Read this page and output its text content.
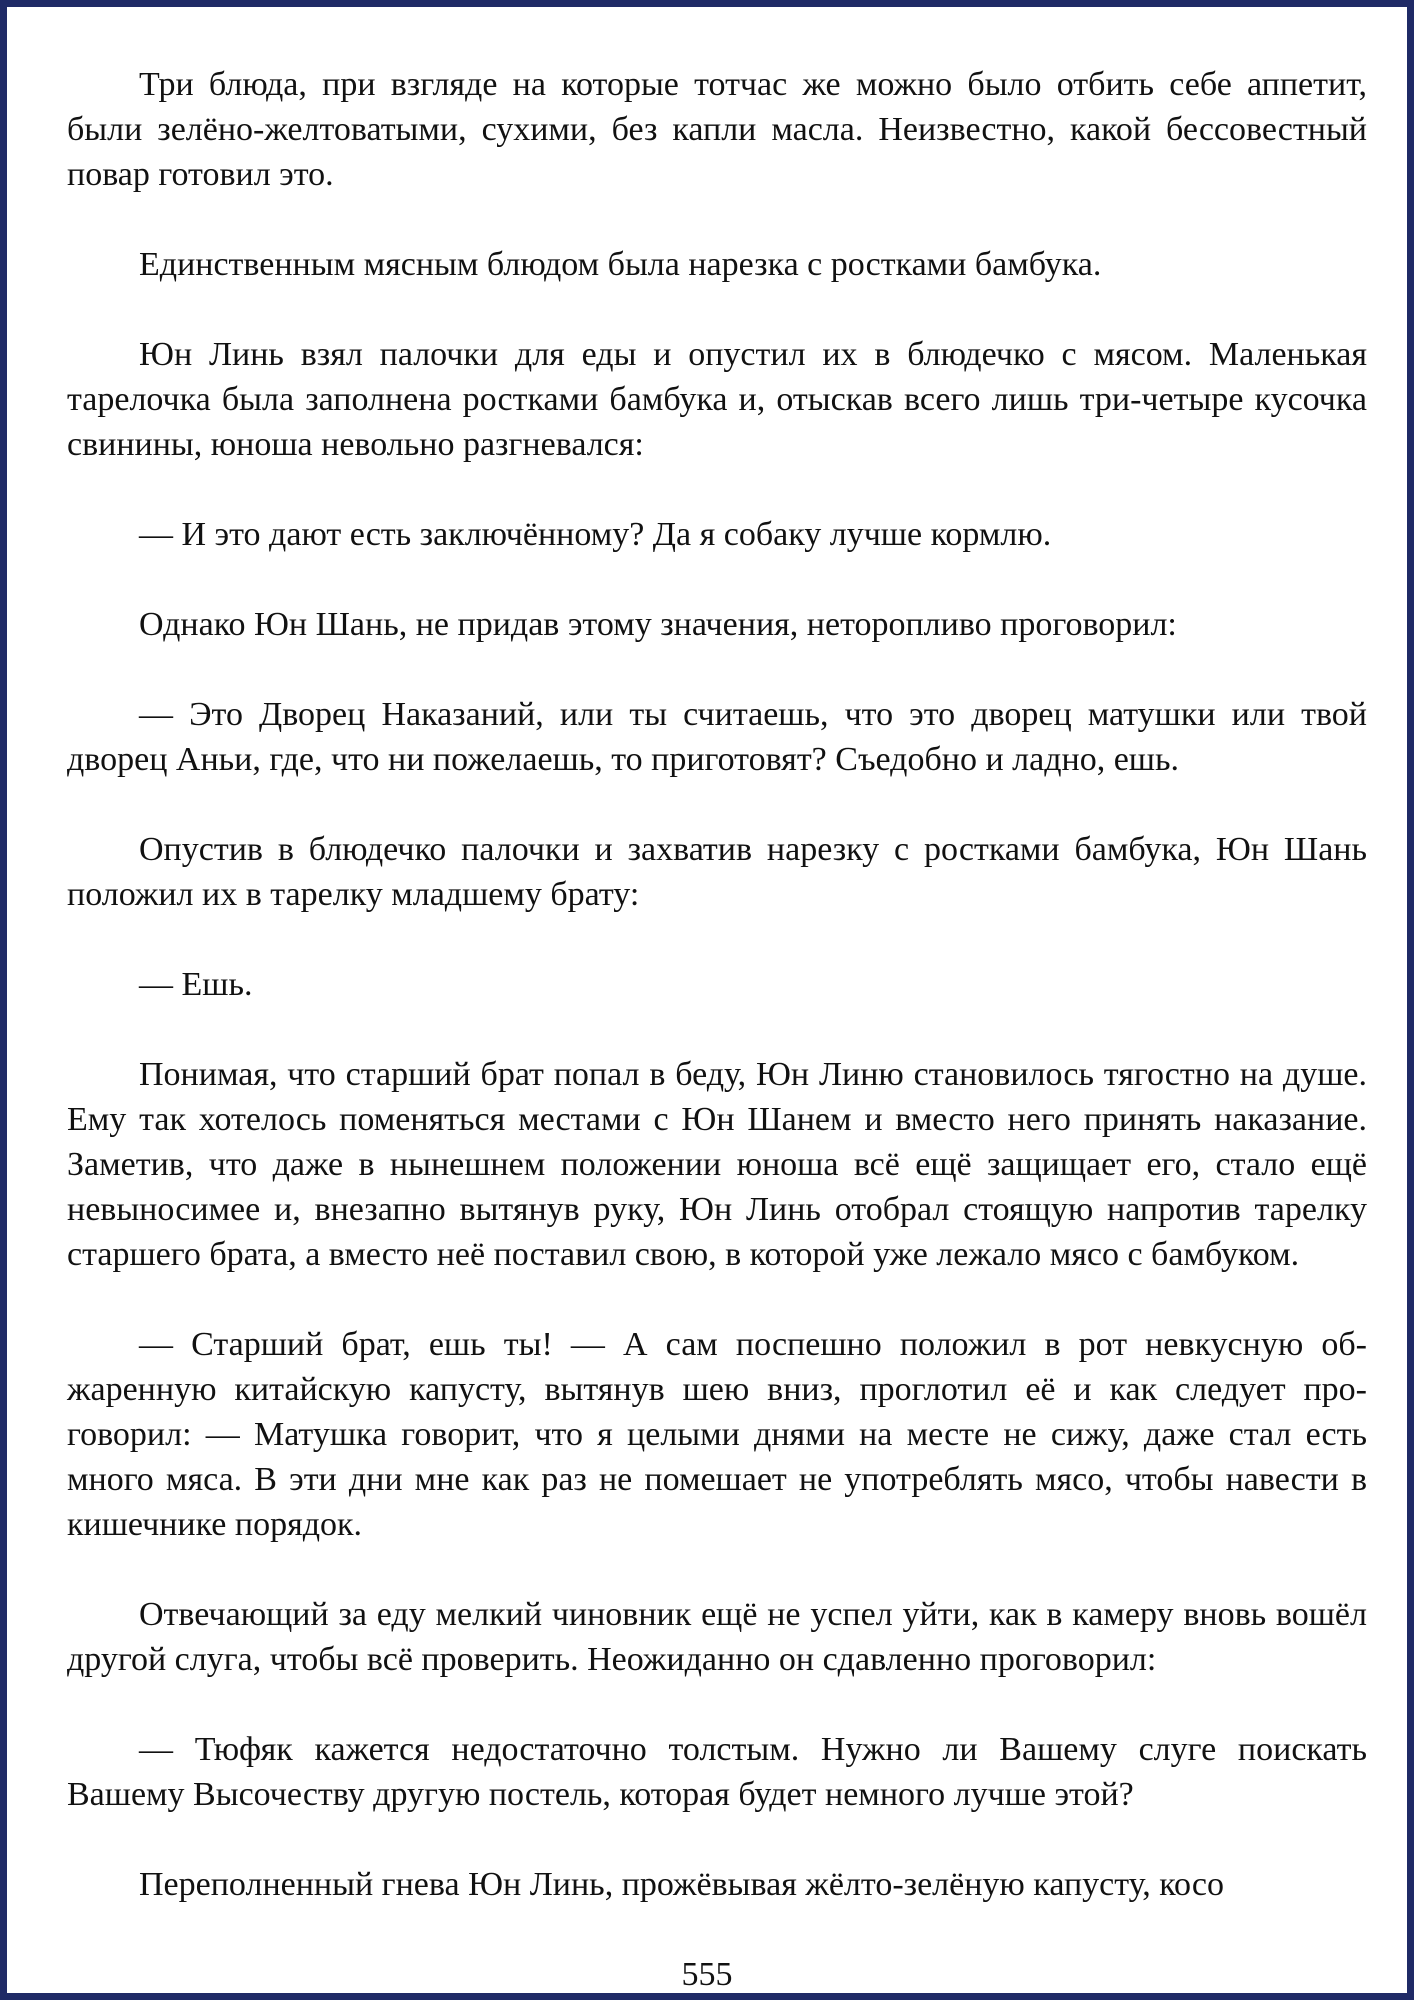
Три блюда, при взгляде на которые тотчас же можно было отбить себе аппетит, были зелёно-желтоватыми, сухими, без капли масла. Неизвестно, какой бессовестный повар готовил это.

Единственным мясным блюдом была нарезка с ростками бамбука.

Юн Линь взял палочки для еды и опустил их в блюдечко с мясом. Маленькая тарелочка была заполнена ростками бамбука и, отыскав всего лишь три-четыре кусочка свинины, юноша невольно разгневался:

— И это дают есть заключённому? Да я собаку лучше кормлю.

Однако Юн Шань, не придав этому значения, неторопливо проговорил:

— Это Дворец Наказаний, или ты считаешь, что это дворец матушки или твой дворец Аньи, где, что ни пожелаешь, то приготовят? Съедобно и ладно, ешь.

Опустив в блюдечко палочки и захватив нарезку с ростками бамбука, Юн Шань положил их в тарелку младшему брату:

— Ешь.

Понимая, что старший брат попал в беду, Юн Линю становилось тягостно на душе. Ему так хотелось поменяться местами с Юн Шанем и вместо него принять наказание. Заметив, что даже в нынешнем положении юноша всё ещё защищает его, стало ещё невыносимее и, внезапно вытянув руку, Юн Линь отобрал стоящую напротив тарелку старшего брата, а вместо неё поставил свою, в которой уже лежало мясо с бамбуком.

— Старший брат, ешь ты! — А сам поспешно положил в рот невкусную обжаренную китайскую капусту, вытянув шею вниз, проглотил её и как следует проговорил: — Матушка говорит, что я целыми днями на месте не сижу, даже стал есть много мяса. В эти дни мне как раз не помешает не употреблять мясо, чтобы навести в кишечнике порядок.

Отвечающий за еду мелкий чиновник ещё не успел уйти, как в камеру вновь вошёл другой слуга, чтобы всё проверить. Неожиданно он сдавленно проговорил:

— Тюфяк кажется недостаточно толстым. Нужно ли Вашему слуге поискать Вашему Высочеству другую постель, которая будет немного лучше этой?

Переполненный гнева Юн Линь, прожёвывая жёлто-зелёную капусту, косо

555
